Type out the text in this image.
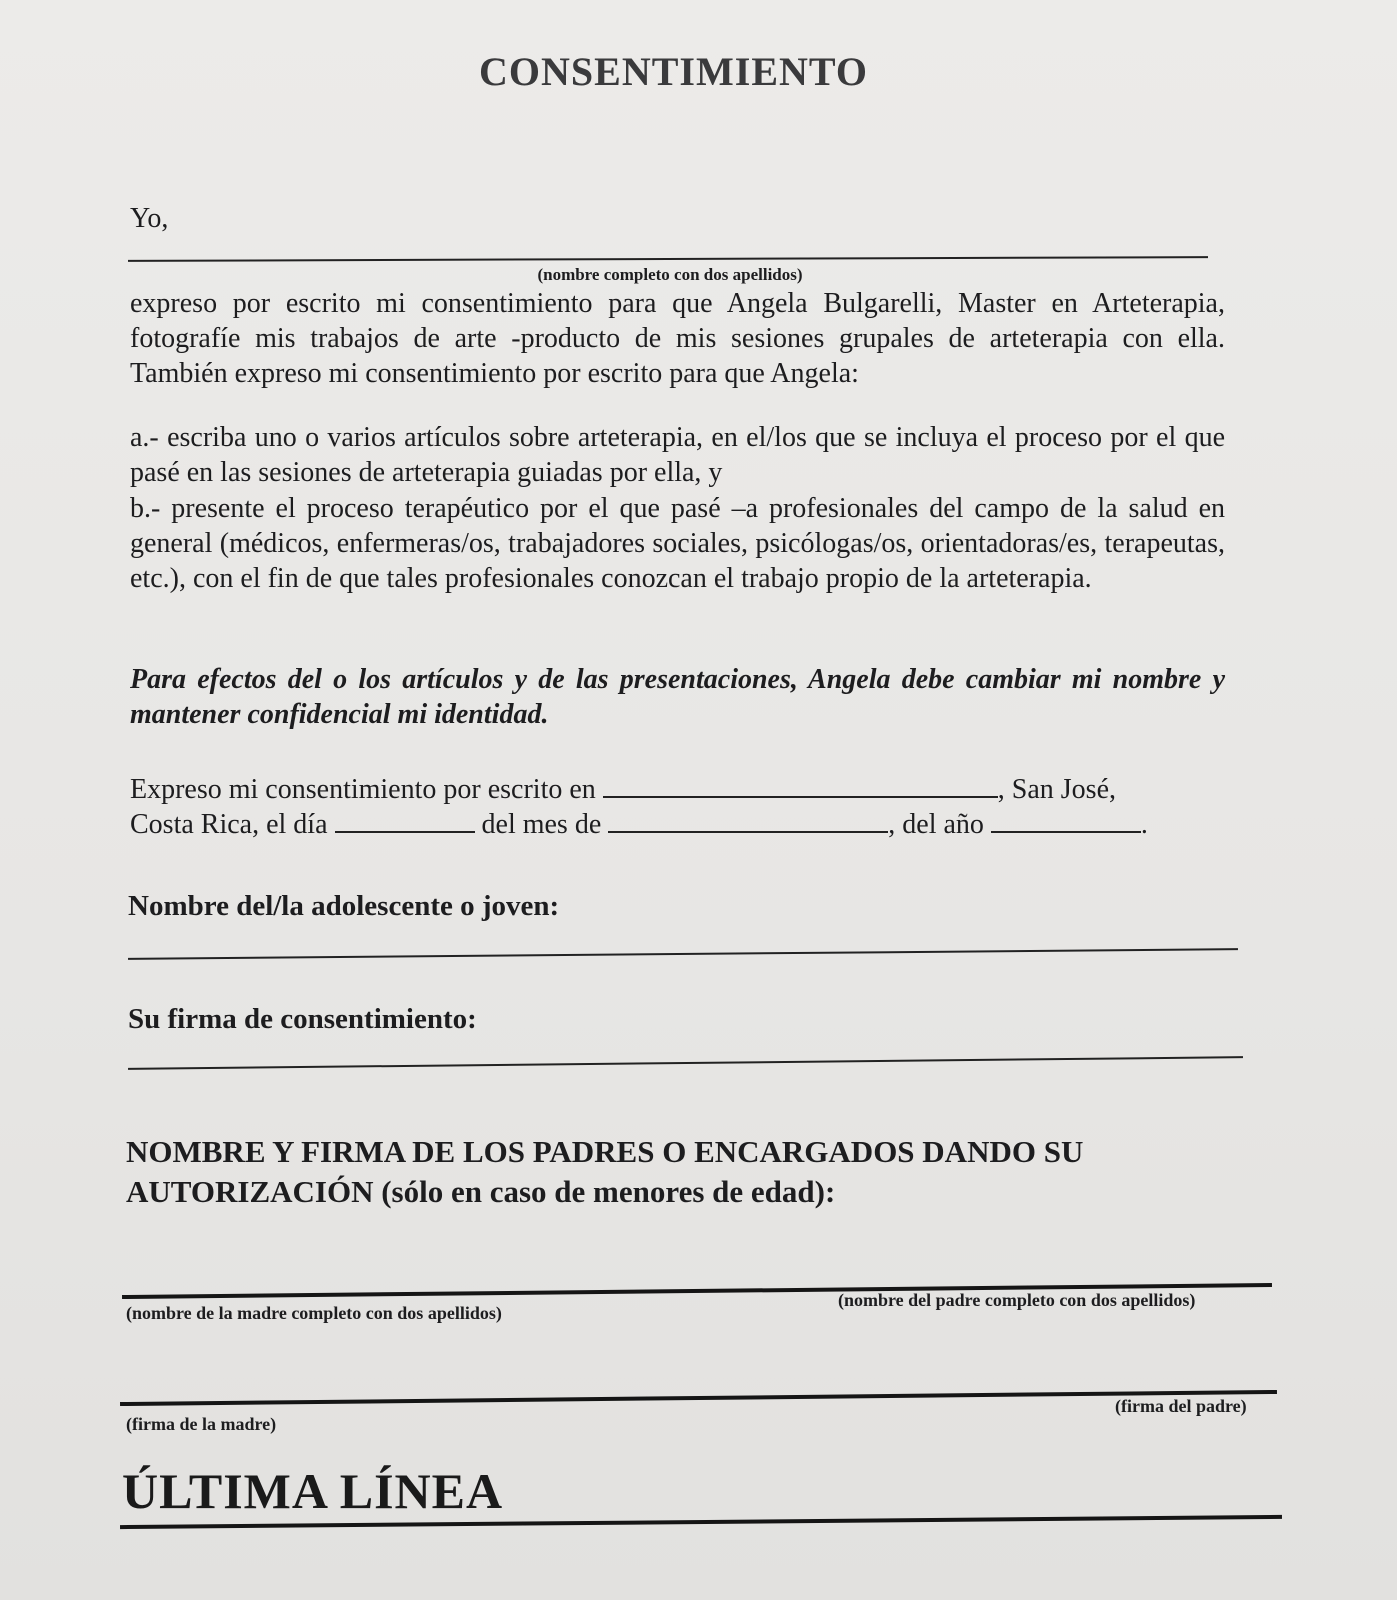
CONSENTIMIENTO
Yo,
(nombre completo con dos apellidos)
expreso por escrito mi consentimiento para que Angela Bulgarelli, Master en Arteterapia, fotografíe mis trabajos de arte -producto de mis sesiones grupales de arteterapia con ella. También expreso mi consentimiento por escrito para que Angela:
a.- escriba uno o varios artículos sobre arteterapia, en el/los que se incluya el proceso por el que pasé en las sesiones de arteterapia guiadas por ella, y
b.- presente el proceso terapéutico por el que pasé –a profesionales del campo de la salud en general (médicos, enfermeras/os, trabajadores sociales, psicólogas/os, orientadoras/es, terapeutas, etc.), con el fin de que tales profesionales conozcan el trabajo propio de la arteterapia.
Para efectos del o los artículos y de las presentaciones, Angela debe cambiar mi nombre y mantener confidencial mi identidad.
Expreso mi consentimiento por escrito en	, San José,
Costa Rica, el día	del mes de	, del año	.
Nombre del/la adolescente o joven:
Su firma de consentimiento:
NOMBRE Y FIRMA DE LOS PADRES O ENCARGADOS DANDO SU AUTORIZACIÓN (sólo en caso de menores de edad):
(nombre de la madre completo con dos apellidos)
(nombre del padre completo con dos apellidos)
(firma de la madre)
(firma del padre)
ÚLTIMA LÍNEA
